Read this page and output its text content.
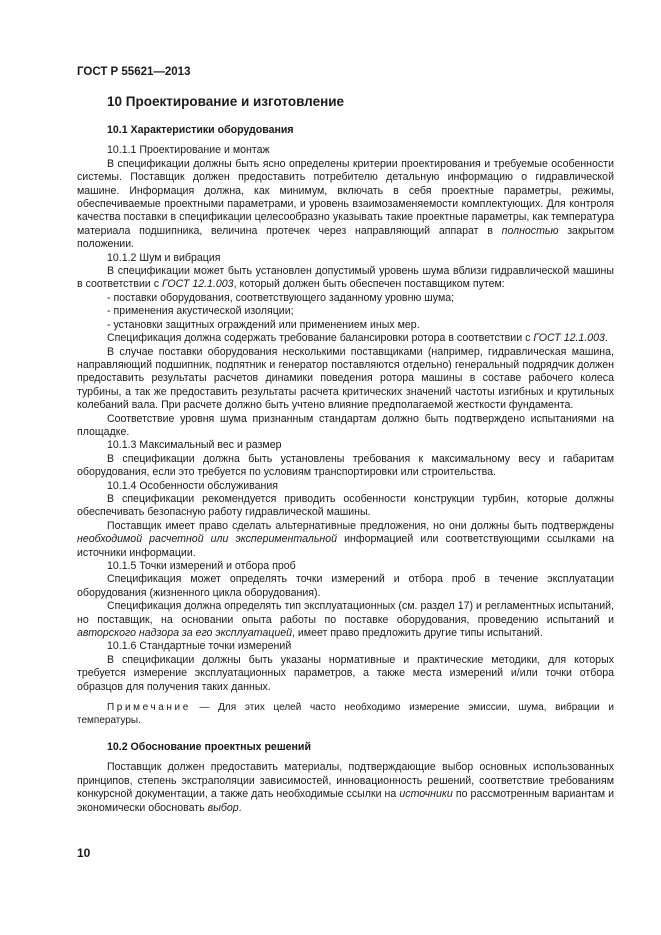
ГОСТ Р 55621—2013
10 Проектирование и изготовление
10.1 Характеристики оборудования

10.1.1 Проектирование и монтаж

В спецификации должны быть ясно определены критерии проектирования и требуемые особенности системы. Поставщик должен предоставить потребителю детальную информацию о гидравлической машине. Информация должна, как минимум, включать в себя проектные параметры, режимы, обеспечиваемые проектными параметрами, и уровень взаимозаменяемости комплектующих. Для контроля качества поставки в спецификации целесообразно указывать такие проектные параметры, как температура материала подшипника, величина протечек через направляющий аппарат в полностью закрытом положении.

10.1.2 Шум и вибрация

В спецификации может быть установлен допустимый уровень шума вблизи гидравлической машины в соответствии с ГОСТ 12.1.003, который должен быть обеспечен поставщиком путем:

- поставки оборудования, соответствующего заданному уровню шума;

- применения акустической изоляции;

- установки защитных ограждений или применением иных мер.

Спецификация должна содержать требование балансировки ротора в соответствии с ГОСТ 12.1.003.

В случае поставки оборудования несколькими поставщиками (например, гидравлическая машина, направляющий подшипник, подпятник и генератор поставляются отдельно) генеральный подрядчик должен предоставить результаты расчетов динамики поведения ротора машины в составе рабочего колеса турбины, а так же предоставить результаты расчета критических значений частоты изгибных и крутильных колебаний вала. При расчете должно быть учтено влияние предполагаемой жесткости фундамента.

Соответствие уровня шума признанным стандартам должно быть подтверждено испытаниями на площадке.

10.1.3 Максимальный вес и размер

В спецификации должна быть установлены требования к максимальному весу и габаритам оборудования, если это требуется по условиям транспортировки или строительства.

10.1.4 Особенности обслуживания

В спецификации рекомендуется приводить особенности конструкции турбин, которые должны обеспечивать безопасную работу гидравлической машины.

Поставщик имеет право сделать альтернативные предложения, но они должны быть подтверждены необходимой расчетной или экспериментальной информацией или соответствующими ссылками на источники информации.

10.1.5 Точки измерений и отбора проб

Спецификация может определять точки измерений и отбора проб в течение эксплуатации оборудования (жизненного цикла оборудования).

Спецификация должна определять тип эксплуатационных (см. раздел 17) и регламентных испытаний, но поставщик, на основании опыта работы по поставке оборудования, проведению испытаний и авторского надзора за его эксплуатацией, имеет право предложить другие типы испытаний.

10.1.6 Стандартные точки измерений

В спецификации должны быть указаны нормативные и практические методики, для которых требуется измерение эксплуатационных параметров, а также места измерений и/или точки отбора образцов для получения таких данных.

Примечание — Для этих целей часто необходимо измерение эмиссии, шума, вибрации и температуры.

10.2 Обоснование проектных решений

Поставщик должен предоставить материалы, подтверждающие выбор основных использованных принципов, степень экстраполяции зависимостей, инновационность решений, соответствие требованиям конкурсной документации, а также дать необходимые ссылки на источники по рассмотренным вариантам и экономически обосновать выбор.

10
